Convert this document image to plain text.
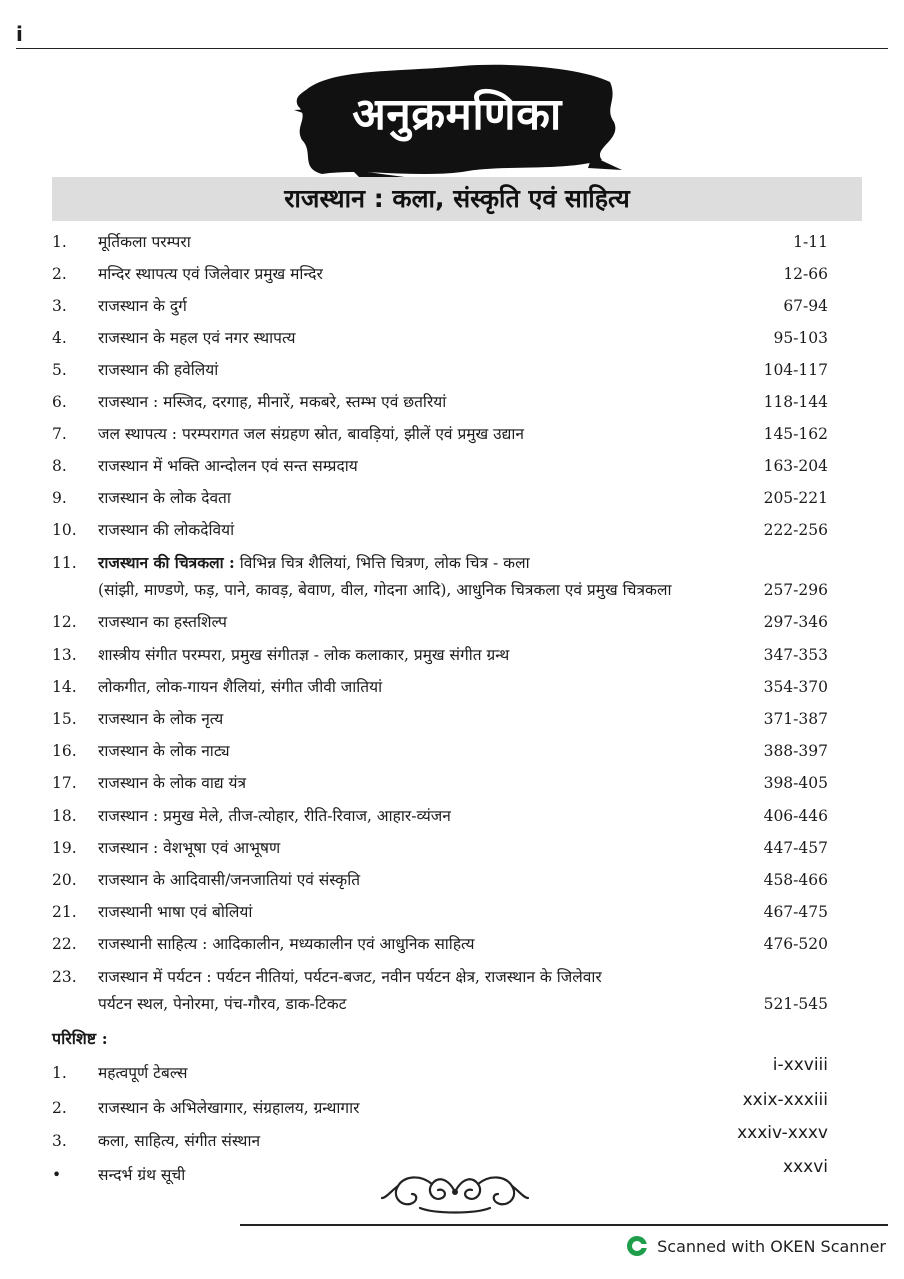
i
अनुक्रमणिका
राजस्थान : कला, संस्कृति एवं साहित्य
1.	मूर्तिकला परम्परा	1-11
2.	मन्दिर स्थापत्य एवं जिलेवार प्रमुख मन्दिर	12-66
3.	राजस्थान के दुर्ग	67-94
4.	राजस्थान के महल एवं नगर स्थापत्य	95-103
5.	राजस्थान की हवेलियां	104-117
6.	राजस्थान : मस्जिद, दरगाह, मीनारें, मकबरे, स्तम्भ एवं छतरियां	118-144
7.	जल स्थापत्य : परम्परागत जल संग्रहण स्रोत, बावड़ियां, झीलें एवं प्रमुख उद्यान	145-162
8.	राजस्थान में भक्ति आन्दोलन एवं सन्त सम्प्रदाय	163-204
9.	राजस्थान के लोक देवता	205-221
10.	राजस्थान की लोकदेवियां	222-256
11.	राजस्थान की चित्रकला : विभिन्न चित्र शैलियां, भित्ति चित्रण, लोक चित्र - कला
(सांझी, माण्डणे, फड़, पाने, कावड़, बेवाण, वील, गोदना आदि), आधुनिक चित्रकला एवं प्रमुख चित्रकला	257-296
12.	राजस्थान का हस्तशिल्प	297-346
13.	शास्त्रीय संगीत परम्परा, प्रमुख संगीतज्ञ - लोक कलाकार, प्रमुख संगीत ग्रन्थ	347-353
14.	लोकगीत, लोक-गायन शैलियां, संगीत जीवी जातियां	354-370
15.	राजस्थान के लोक नृत्य	371-387
16.	राजस्थान के लोक नाट्य	388-397
17.	राजस्थान के लोक वाद्य यंत्र	398-405
18.	राजस्थान : प्रमुख मेले, तीज-त्योहार, रीति-रिवाज, आहार-व्यंजन	406-446
19.	राजस्थान : वेशभूषा एवं आभूषण	447-457
20.	राजस्थान के आदिवासी/जनजातियां एवं संस्कृति	458-466
21.	राजस्थानी भाषा एवं बोलियां	467-475
22.	राजस्थानी साहित्य : आदिकालीन, मध्यकालीन एवं आधुनिक साहित्य	476-520
23.	राजस्थान में पर्यटन : पर्यटन नीतियां, पर्यटन-बजट, नवीन पर्यटन क्षेत्र, राजस्थान के जिलेवार
पर्यटन स्थल, पेनोरमा, पंच-गौरव, डाक-टिकट	521-545
परिशिष्ट :
1.	महत्वपूर्ण टेबल्स	i-xxviii
2.	राजस्थान के अभिलेखागार, संग्रहालय, ग्रन्थागार	xxix-xxxiii
3.	कला, साहित्य, संगीत संस्थान	xxxiv-xxxv
•	सन्दर्भ ग्रंथ सूची	xxxvi
Scanned with OKEN Scanner
